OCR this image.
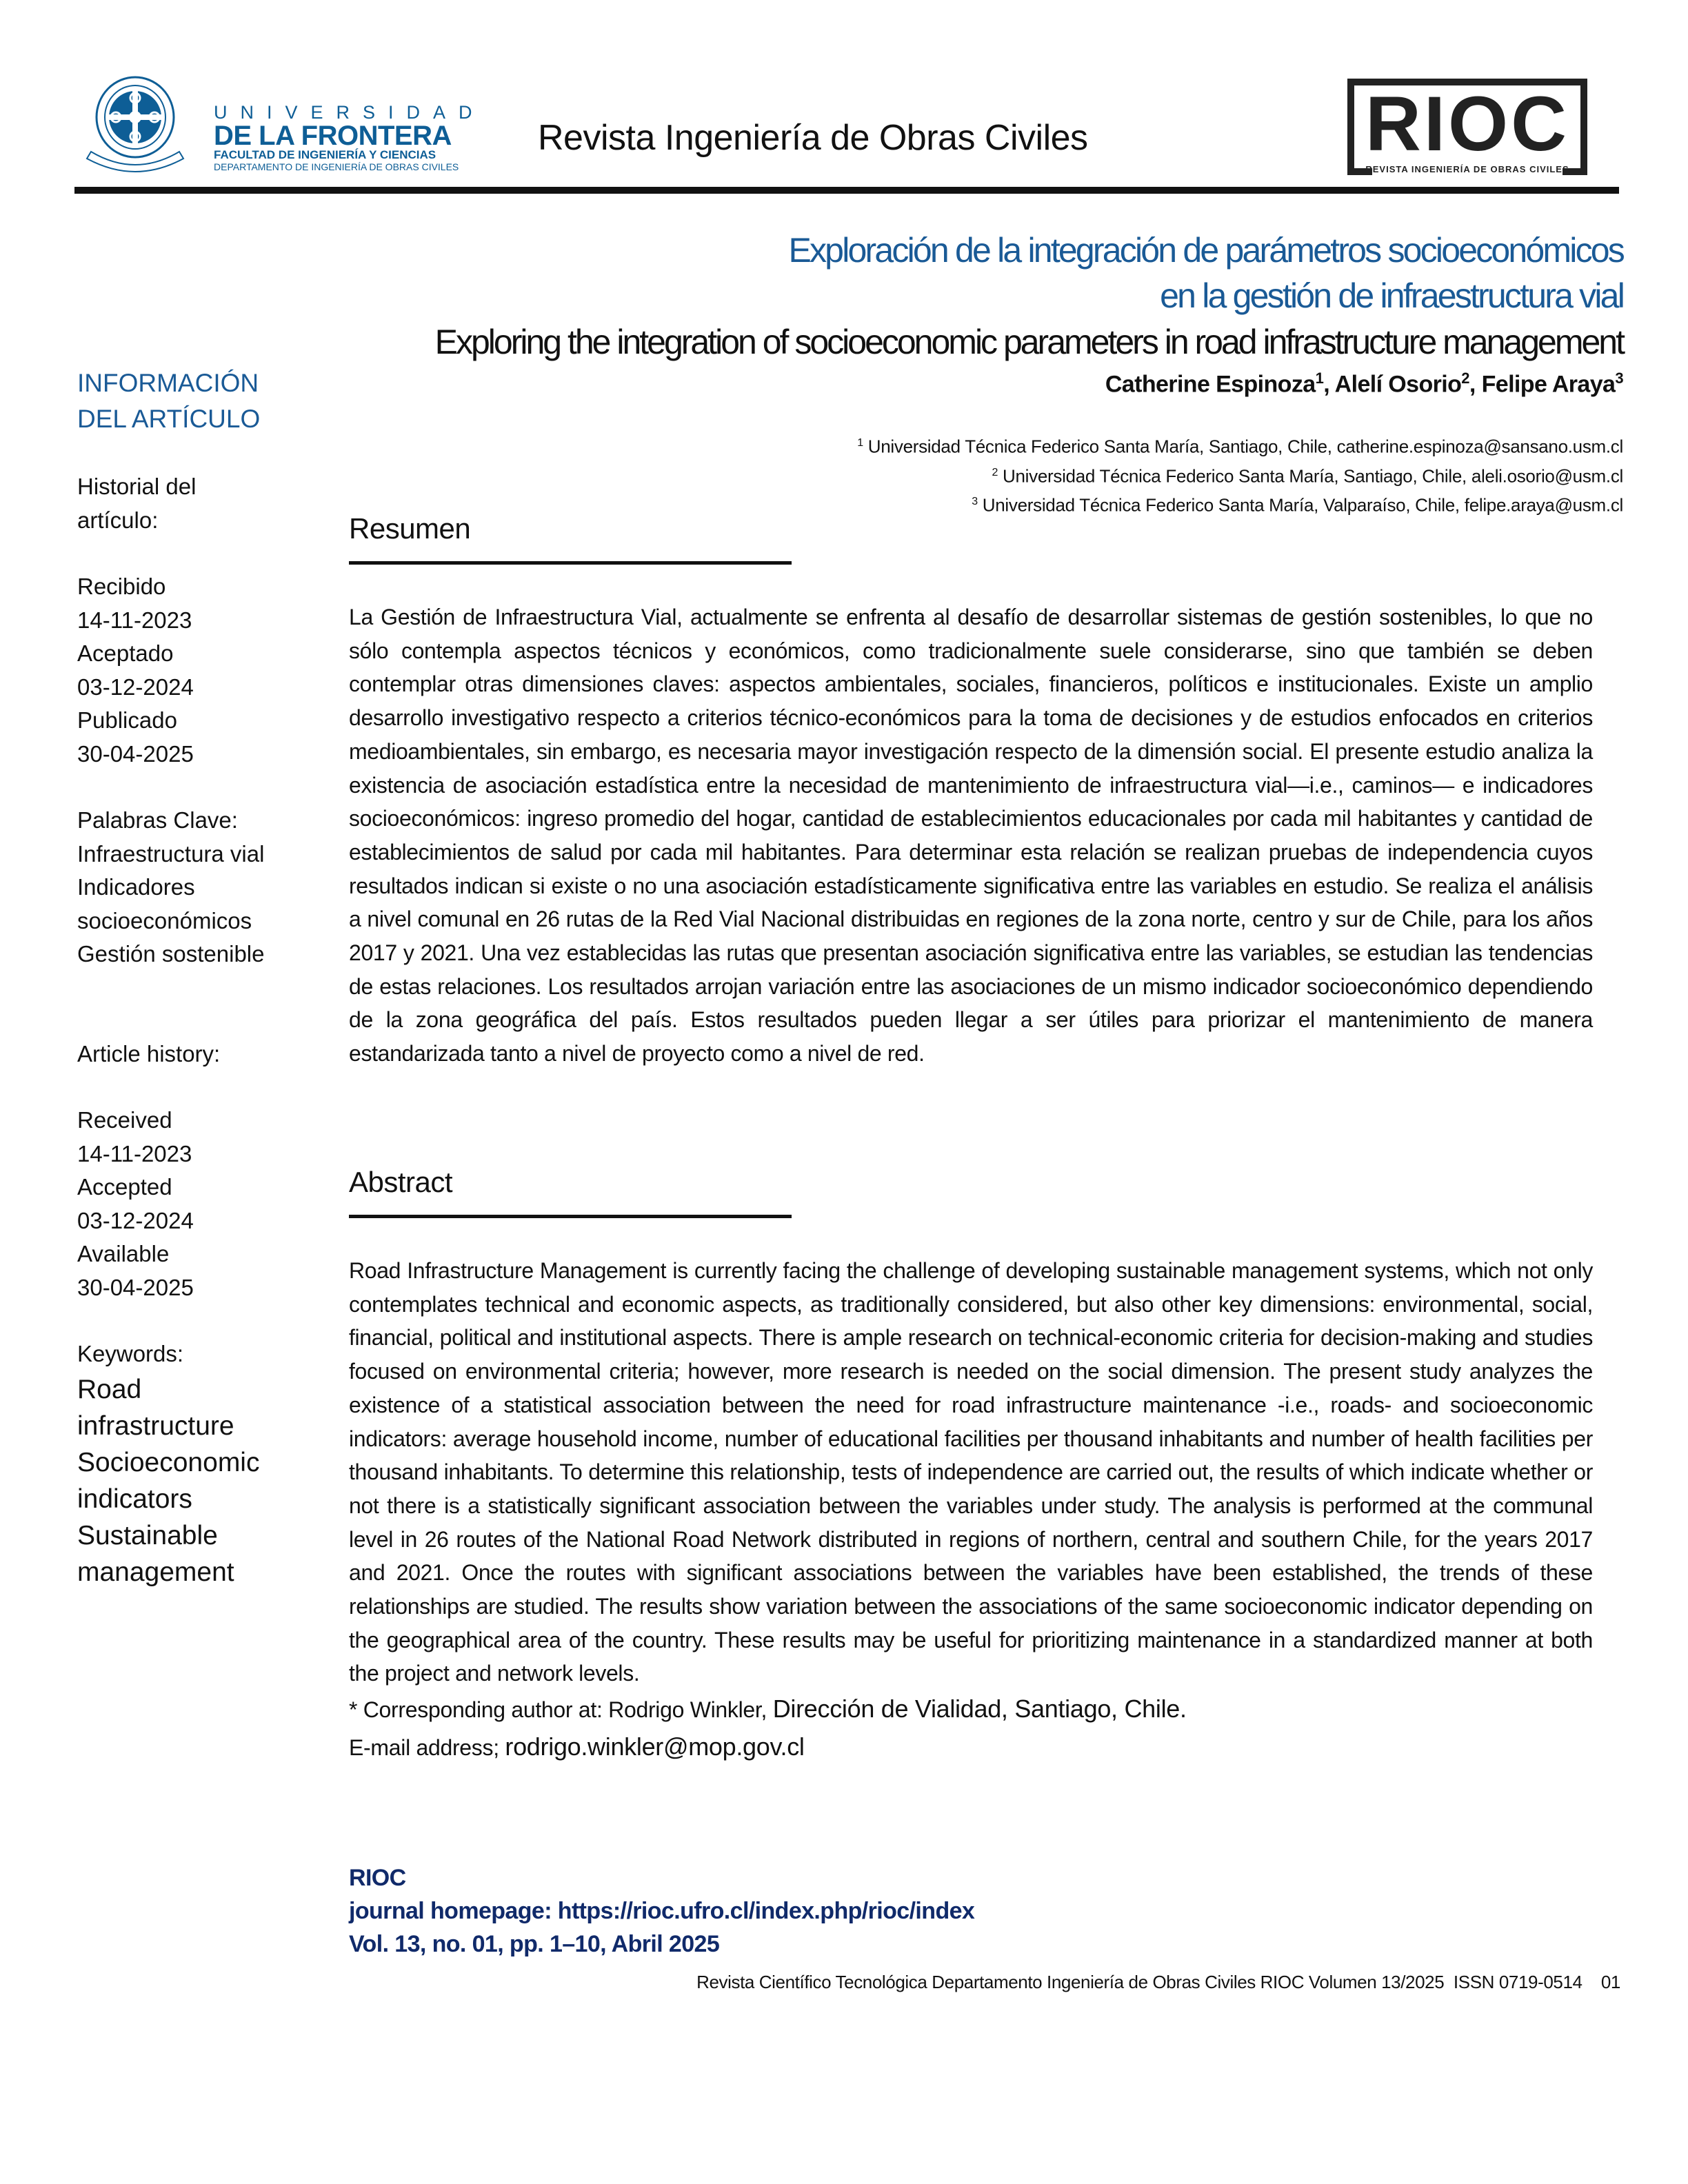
UNIVERSIDAD
DE LA FRONTERA
FACULTAD DE INGENIERÍA Y CIENCIAS
DEPARTAMENTO DE INGENIERÍA DE OBRAS CIVILES
Revista Ingeniería de Obras Civiles	RIOC
REVISTA INGENIERÍA DE OBRAS CIVILES
Exploración de la integración de parámetros socioeconómicos
en la gestión de infraestructura vial
Exploring the integration of socioeconomic parameters in road infrastructure management
Catherine Espinoza$^1$, Alelí Osorio$^2$, Felipe Araya$^3$
$^1$ Universidad Técnica Federico Santa María, Santiago, Chile, catherine.espinoza@sansano.usm.cl
$^2$ Universidad Técnica Federico Santa María, Santiago, Chile, aleli.osorio@usm.cl
$^3$ Universidad Técnica Federico Santa María, Valparaíso, Chile, felipe.araya@usm.cl
INFORMACIÓN
DEL ARTÍCULO
Historial del
artículo:
Recibido
14-11-2023
Aceptado
03-12-2024
Publicado
30-04-2025
Palabras Clave:
Infraestructura vial
Indicadores
socioeconómicos
Gestión sostenible
Article history:
Received
14-11-2023
Accepted
03-12-2024
Available
30-04-2025
Keywords:
Road
infrastructure
Socioeconomic
indicators
Sustainable
management
Resumen

La Gestión de Infraestructura Vial, actualmente se enfrenta al desafío de desarrollar sistemas de gestión sostenibles, lo que no sólo contempla aspectos técnicos y económicos, como tradicionalmente suele considerarse, sino que también se deben contemplar otras dimensiones claves: aspectos ambientales, sociales, financieros, políticos e institucionales. Existe un amplio desarrollo investigativo respecto a criterios técnico-económicos para la toma de decisiones y de estudios enfocados en criterios medioambientales, sin embargo, es necesaria mayor investigación respecto de la dimensión social. El presente estudio analiza la existencia de asociación estadística entre la necesidad de mantenimiento de infraestructura vial—i.e., caminos— e indicadores socioeconómicos: ingreso promedio del hogar, cantidad de establecimientos educacionales por cada mil habitantes y cantidad de establecimientos de salud por cada mil habitantes. Para determinar esta relación se realizan pruebas de independencia cuyos resultados indican si existe o no una asociación estadísticamente significativa entre las variables en estudio. Se realiza el análisis a nivel comunal en 26 rutas de la Red Vial Nacional distribuidas en regiones de la zona norte, centro y sur de Chile, para los años 2017 y 2021. Una vez establecidas las rutas que presentan asociación significativa entre las variables, se estudian las tendencias de estas relaciones. Los resultados arrojan variación entre las asociaciones de un mismo indicador socioeconómico dependiendo de la zona geográfica del país. Estos resultados pueden llegar a ser útiles para priorizar el mantenimiento de manera estandarizada tanto a nivel de proyecto como a nivel de red.

Abstract

Road Infrastructure Management is currently facing the challenge of developing sustainable management systems, which not only contemplates technical and economic aspects, as traditionally considered, but also other key dimensions: environmental, social, financial, political and institutional aspects. There is ample research on technical-economic criteria for decision-making and studies focused on environmental criteria; however, more research is needed on the social dimension. The present study analyzes the existence of a statistical association between the need for road infrastructure maintenance -i.e., roads- and socioeconomic indicators: average household income, number of educational facilities per thousand inhabitants and number of health facilities per thousand inhabitants. To determine this relationship, tests of independence are carried out, the results of which indicate whether or not there is a statistically significant association between the variables under study. The analysis is performed at the communal level in 26 routes of the National Road Network distributed in regions of northern, central and southern Chile, for the years 2017 and 2021. Once the routes with significant associations between the variables have been established, the trends of these relationships are studied. The results show variation between the associations of the same socioeconomic indicator depending on the geographical area of the country. These results may be useful for prioritizing maintenance in a standardized manner at both the project and network levels.

* Corresponding author at: Rodrigo Winkler, Dirección de Vialidad, Santiago, Chile.
E-mail address; rodrigo.winkler@mop.gov.cl
RIOC
journal homepage: https://rioc.ufro.cl/index.php/rioc/index
Vol. 13, no. 01, pp. 1–10, Abril 2025
Revista Científico Tecnológica Departamento Ingeniería de Obras Civiles RIOC Volumen 13/2025  ISSN 0719-0514    01
